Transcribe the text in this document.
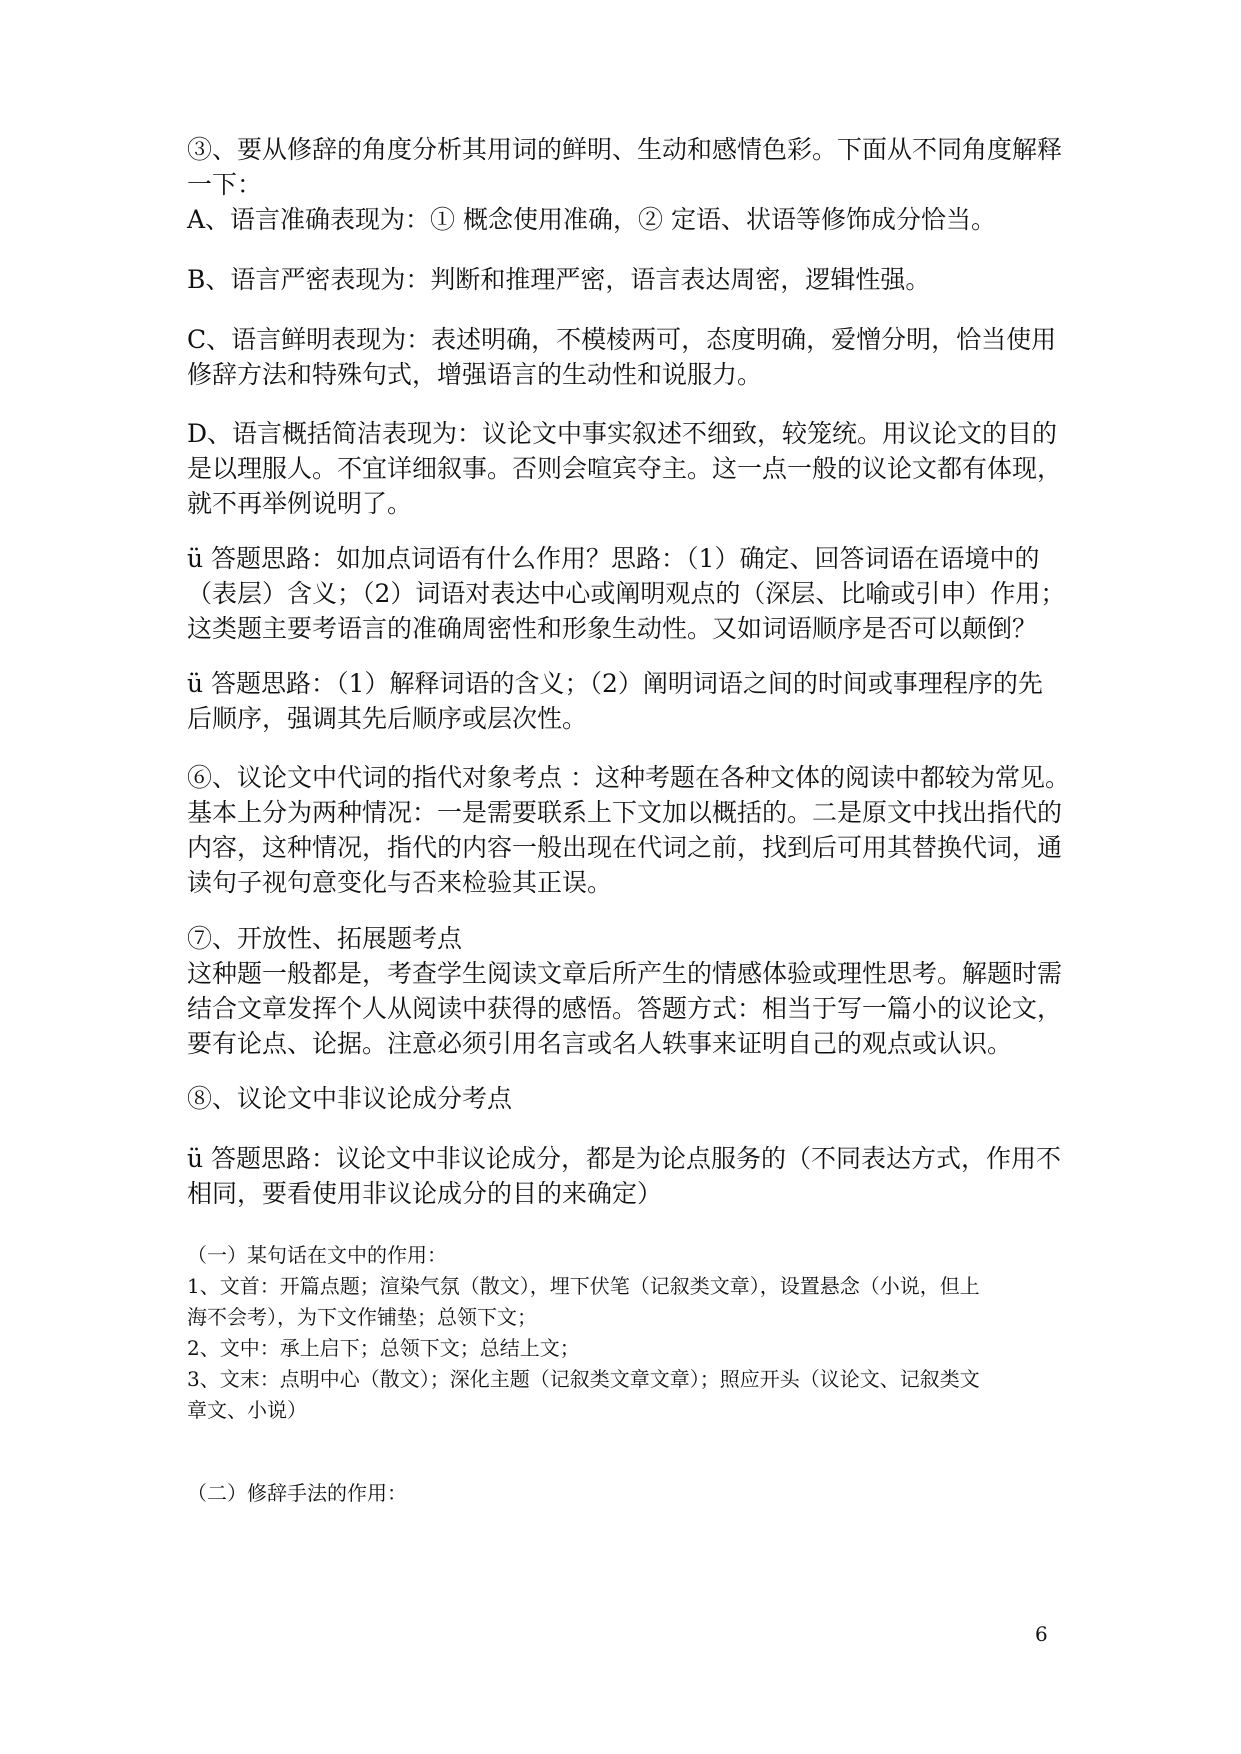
③、要从修辞的角度分析其用词的鲜明、生动和感情色彩。下面从不同角度解释
一下：
A、语言准确表现为：① 概念使用准确，② 定语、状语等修饰成分恰当。
B、语言严密表现为：判断和推理严密，语言表达周密，逻辑性强。
C、语言鲜明表现为：表述明确，不模棱两可，态度明确，爱憎分明，恰当使用
修辞方法和特殊句式，增强语言的生动性和说服力。
D、语言概括简洁表现为：议论文中事实叙述不细致，较笼统。用议论文的目的
是以理服人。不宜详细叙事。否则会喧宾夺主。这一点一般的议论文都有体现，
就不再举例说明了。
ü 答题思路：如加点词语有什么作用？思路：（1）确定、回答词语在语境中的
（表层）含义；（2）词语对表达中心或阐明观点的（深层、比喻或引申）作用；
这类题主要考语言的准确周密性和形象生动性。又如词语顺序是否可以颠倒？
ü 答题思路：（1）解释词语的含义；（2）阐明词语之间的时间或事理程序的先
后顺序，强调其先后顺序或层次性。
⑥、议论文中代词的指代对象考点 ：这种考题在各种文体的阅读中都较为常见。
基本上分为两种情况：一是需要联系上下文加以概括的。二是原文中找出指代的
内容，这种情况，指代的内容一般出现在代词之前，找到后可用其替换代词，通
读句子视句意变化与否来检验其正误。
⑦、开放性、拓展题考点
这种题一般都是，考查学生阅读文章后所产生的情感体验或理性思考。解题时需
结合文章发挥个人从阅读中获得的感悟。答题方式：相当于写一篇小的议论文，
要有论点、论据。注意必须引用名言或名人轶事来证明自己的观点或认识。
⑧、议论文中非议论成分考点
ü 答题思路：议论文中非议论成分，都是为论点服务的（不同表达方式，作用不
相同，要看使用非议论成分的目的来确定）
（一）某句话在文中的作用：
1、文首：开篇点题；渲染气氛（散文），埋下伏笔（记叙类文章），设置悬念（小说，但上
海不会考），为下文作铺垫；总领下文；
2、文中：承上启下；总领下文；总结上文；
3、文末：点明中心（散文）；深化主题（记叙类文章文章）；照应开头（议论文、记叙类文
章文、小说）
（二）修辞手法的作用：
6
